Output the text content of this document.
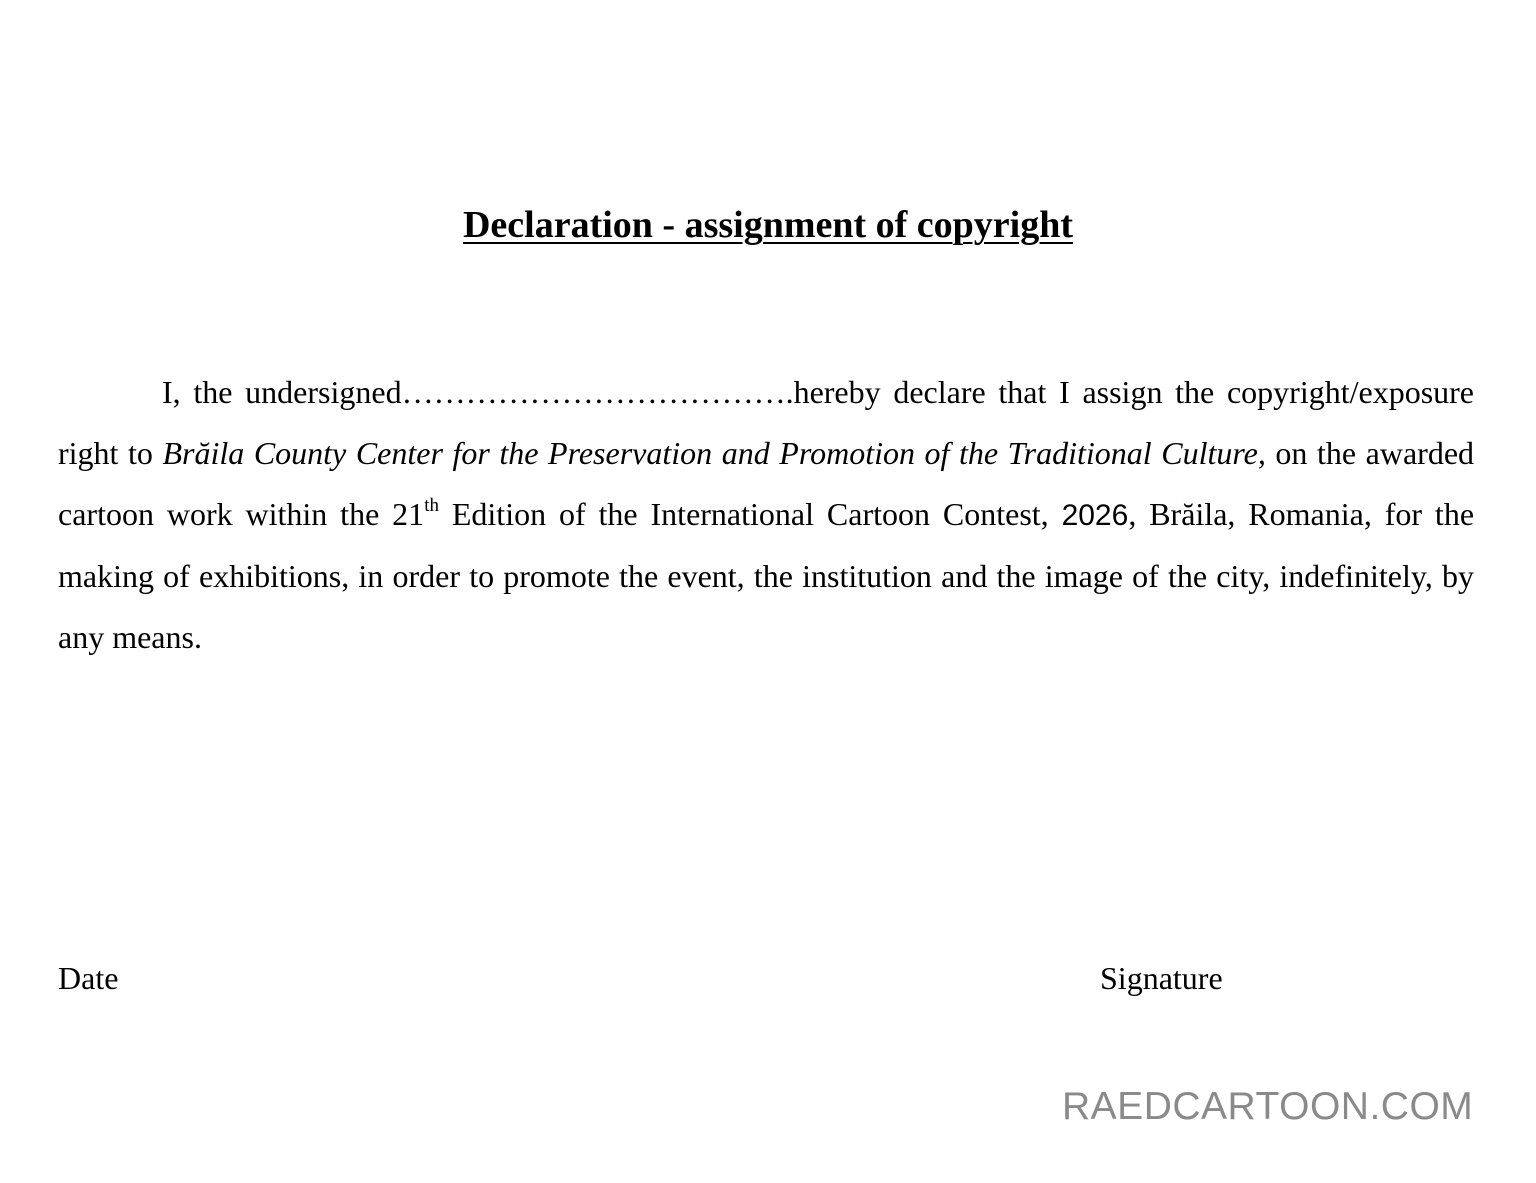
Declaration - assignment of copyright

I, the undersigned……………………………….hereby declare that I assign the copyright/exposure right to Brăila County Center for the Preservation and Promotion of the Traditional Culture, on the awarded cartoon work within the 21th Edition of the International Cartoon Contest, 2026, Brăila, Romania, for the making of exhibitions, in order to promote the event, the institution and the image of the city, indefinitely, by any means.

Date	Signature
RAEDCARTOON.COM
